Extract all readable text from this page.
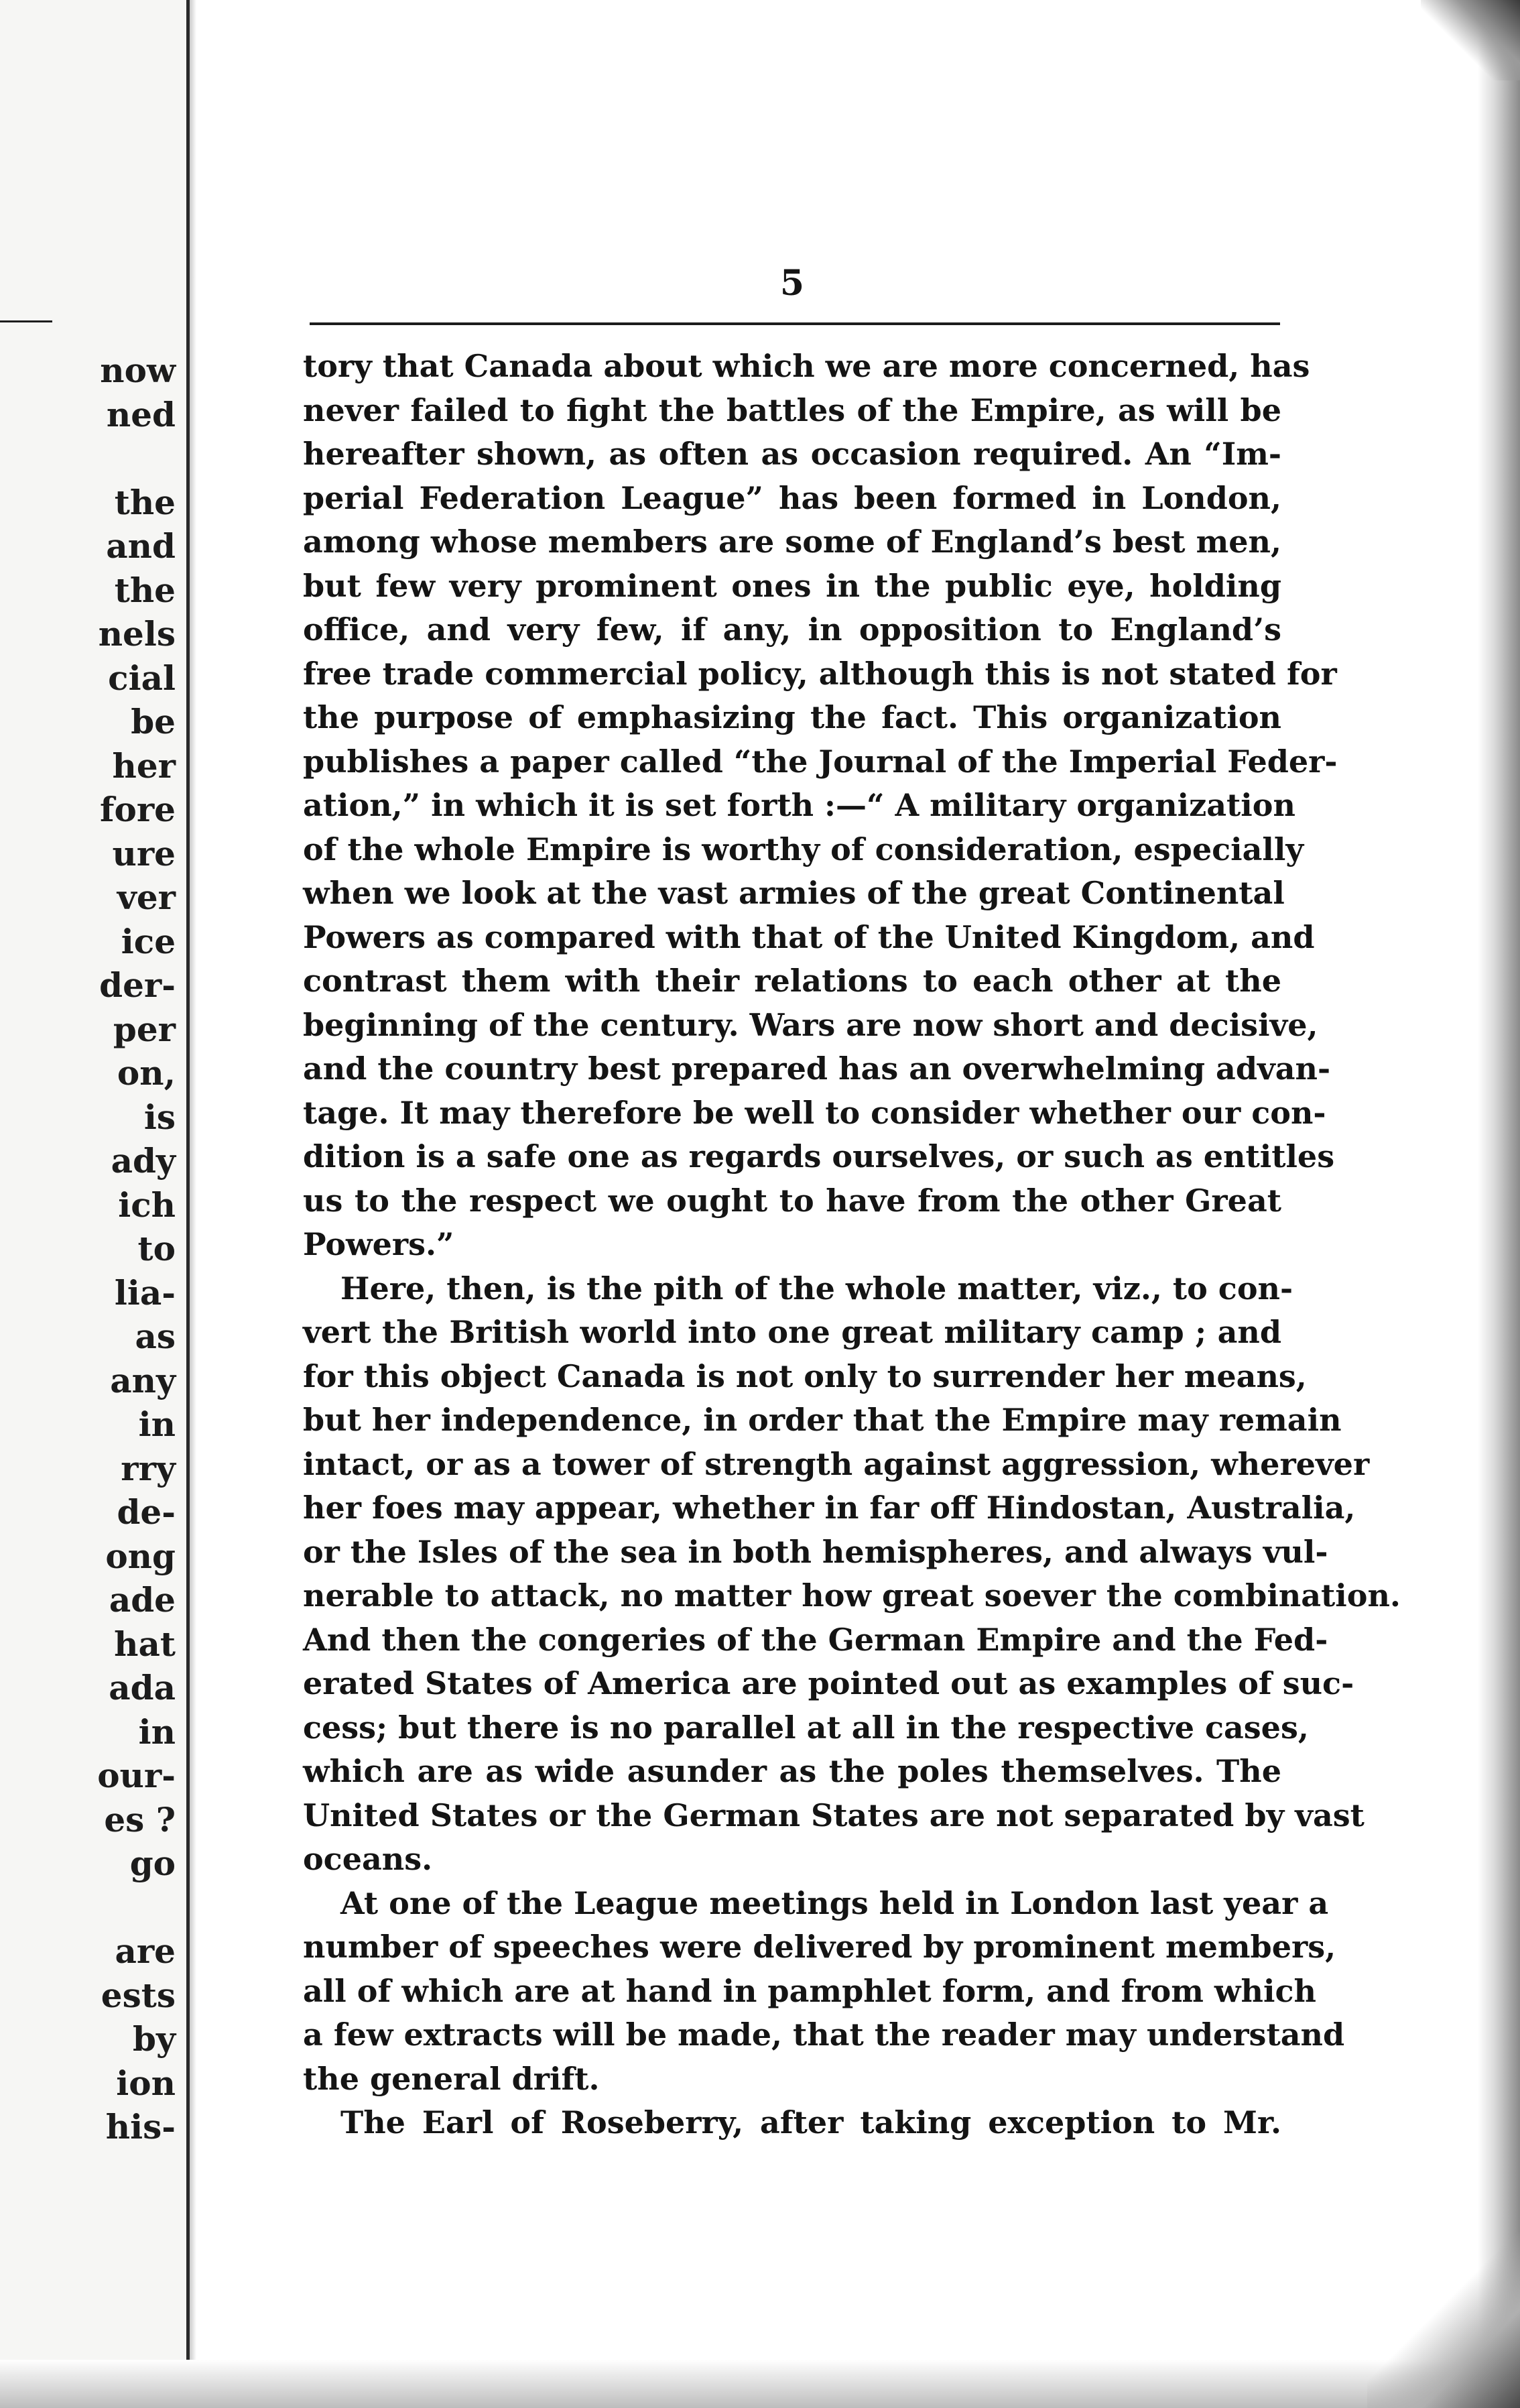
now
ned
the
and
the
nels
cial
be
her
fore
ure
ver
ice
der-
per
on,
is
ady
ich
to
lia-
as
any
in
rry
de-
ong
ade
hat
ada
in
our-
es ?
go
are
ests
by
ion
his-
5
tory that Canada about which we are more concerned, has
never failed to fight the battles of the Empire, as will be
hereafter shown, as often as occasion required. An “Im-
perial Federation League” has been formed in London,
among whose members are some of England’s best men,
but few very prominent ones in the public eye, holding
office, and very few, if any, in opposition to England’s
free trade commercial policy, although this is not stated for
the purpose of emphasizing the fact. This organization
publishes a paper called “the Journal of the Imperial Feder-
ation,” in which it is set forth :—“ A military organization
of the whole Empire is worthy of consideration, especially
when we look at the vast armies of the great Continental
Powers as compared with that of the United Kingdom, and
contrast them with their relations to each other at the
beginning of the century. Wars are now short and decisive,
and the country best prepared has an overwhelming advan-
tage. It may therefore be well to consider whether our con-
dition is a safe one as regards ourselves, or such as entitles
us to the respect we ought to have from the other Great
Powers.”
Here, then, is the pith of the whole matter, viz., to con-
vert the British world into one great military camp ; and
for this object Canada is not only to surrender her means,
but her independence, in order that the Empire may remain
intact, or as a tower of strength against aggression, wherever
her foes may appear, whether in far off Hindostan, Australia,
or the Isles of the sea in both hemispheres, and always vul-
nerable to attack, no matter how great soever the combination.
And then the congeries of the German Empire and the Fed-
erated States of America are pointed out as examples of suc-
cess; but there is no parallel at all in the respective cases,
which are as wide asunder as the poles themselves. The
United States or the German States are not separated by vast
oceans.
At one of the League meetings held in London last year a
number of speeches were delivered by prominent members,
all of which are at hand in pamphlet form, and from which
a few extracts will be made, that the reader may understand
the general drift.
The Earl of Roseberry, after taking exception to Mr.
